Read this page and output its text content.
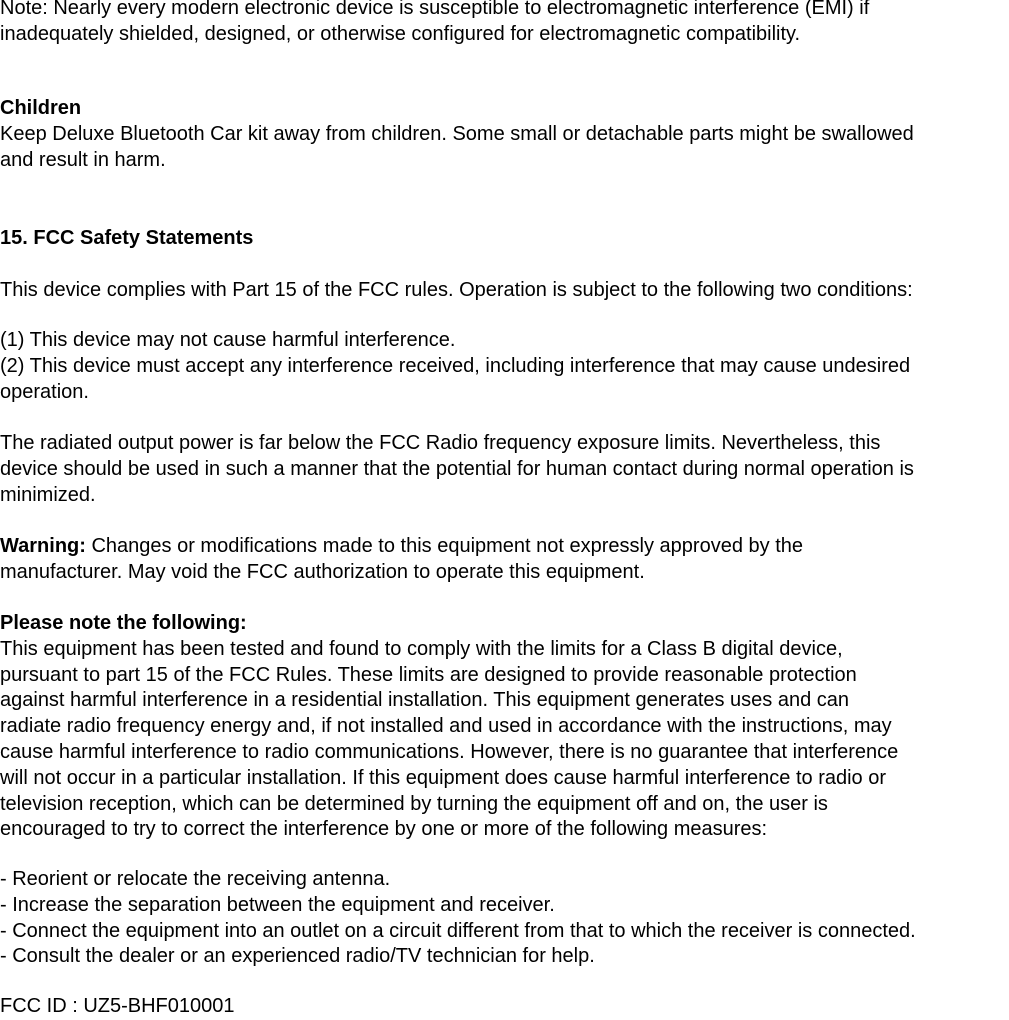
Note: Nearly every modern electronic device is susceptible to electromagnetic interference (EMI) if
inadequately shielded, designed, or otherwise configured for electromagnetic compatibility.
Children
Keep Deluxe Bluetooth Car kit away from children. Some small or detachable parts might be swallowed
and result in harm.
15. FCC Safety Statements
This device complies with Part 15 of the FCC rules. Operation is subject to the following two conditions:
(1) This device may not cause harmful interference.
(2) This device must accept any interference received, including interference that may cause undesired
operation.
The radiated output power is far below the FCC Radio frequency exposure limits. Nevertheless, this
device should be used in such a manner that the potential for human contact during normal operation is
minimized.
Warning: Changes or modifications made to this equipment not expressly approved by the
manufacturer. May void the FCC authorization to operate this equipment.
Please note the following:
This equipment has been tested and found to comply with the limits for a Class B digital device,
pursuant to part 15 of the FCC Rules. These limits are designed to provide reasonable protection
against harmful interference in a residential installation. This equipment generates uses and can
radiate radio frequency energy and, if not installed and used in accordance with the instructions, may
cause harmful interference to radio communications. However, there is no guarantee that interference
will not occur in a particular installation. If this equipment does cause harmful interference to radio or
television reception, which can be determined by turning the equipment off and on, the user is
encouraged to try to correct the interference by one or more of the following measures:
- Reorient or relocate the receiving antenna.
- Increase the separation between the equipment and receiver.
- Connect the equipment into an outlet on a circuit different from that to which the receiver is connected.
- Consult the dealer or an experienced radio/TV technician for help.
FCC ID : UZ5-BHF010001
